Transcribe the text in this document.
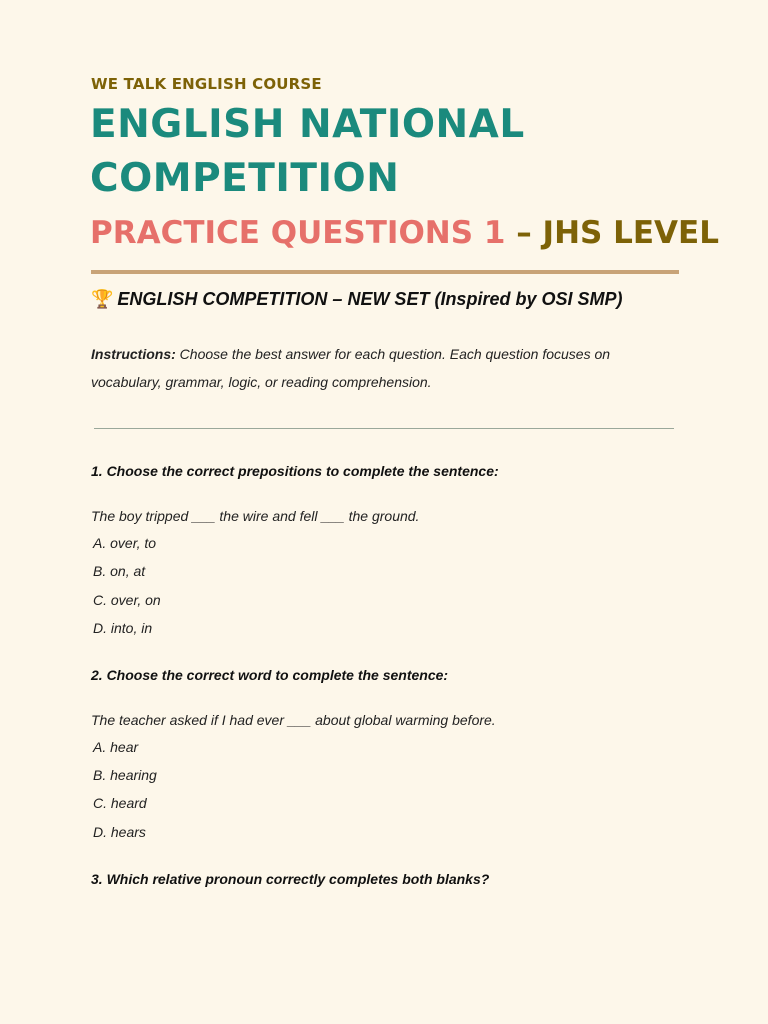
WE TALK ENGLISH COURSE
ENGLISH NATIONAL COMPETITION
PRACTICE QUESTIONS 1 – JHS LEVEL
🏆 ENGLISH COMPETITION – NEW SET (Inspired by OSI SMP)
Instructions: Choose the best answer for each question. Each question focuses on vocabulary, grammar, logic, or reading comprehension.
1. Choose the correct prepositions to complete the sentence:
The boy tripped ___ the wire and fell ___ the ground.
A. over, to
B. on, at
C. over, on
D. into, in
2. Choose the correct word to complete the sentence:
The teacher asked if I had ever ___ about global warming before.
A. hear
B. hearing
C. heard
D. hears
3. Which relative pronoun correctly completes both blanks?
